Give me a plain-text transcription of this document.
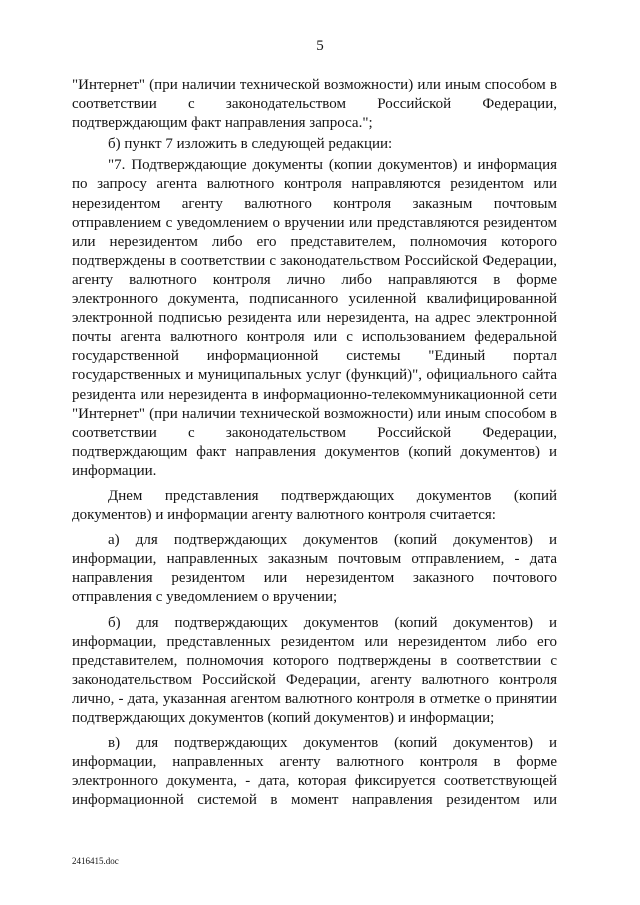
5

"Интернет" (при наличии технической возможности) или иным способом в соответствии с законодательством Российской Федерации, подтверждающим факт направления запроса.";

б) пункт 7 изложить в следующей редакции:

"7. Подтверждающие документы (копии документов) и информация по запросу агента валютного контроля направляются резидентом или нерезидентом агенту валютного контроля заказным почтовым отправлением с уведомлением о вручении или представляются резидентом или нерезидентом либо его представителем, полномочия которого подтверждены в соответствии с законодательством Российской Федерации, агенту валютного контроля лично либо направляются в форме электронного документа, подписанного усиленной квалифицированной электронной подписью резидента или нерезидента, на адрес электронной почты агента валютного контроля или с использованием федеральной государственной информационной системы "Единый портал государственных и муниципальных услуг (функций)", официального сайта резидента или нерезидента в информационно-телекоммуникационной сети "Интернет" (при наличии технической возможности) или иным способом в соответствии с законодательством Российской Федерации, подтверждающим факт направления документов (копий документов) и информации.

Днем представления подтверждающих документов (копий документов) и информации агенту валютного контроля считается:

а) для подтверждающих документов (копий документов) и информации, направленных заказным почтовым отправлением, - дата направления резидентом или нерезидентом заказного почтового отправления с уведомлением о вручении;

б) для подтверждающих документов (копий документов) и информации, представленных резидентом или нерезидентом либо его представителем, полномочия которого подтверждены в соответствии с законодательством Российской Федерации, агенту валютного контроля лично, - дата, указанная агентом валютного контроля в отметке о принятии подтверждающих документов (копий документов) и информации;

в) для подтверждающих документов (копий документов) и информации, направленных агенту валютного контроля в форме электронного документа, - дата, которая фиксируется соответствующей информационной системой в момент направления резидентом или

2416415.doc
